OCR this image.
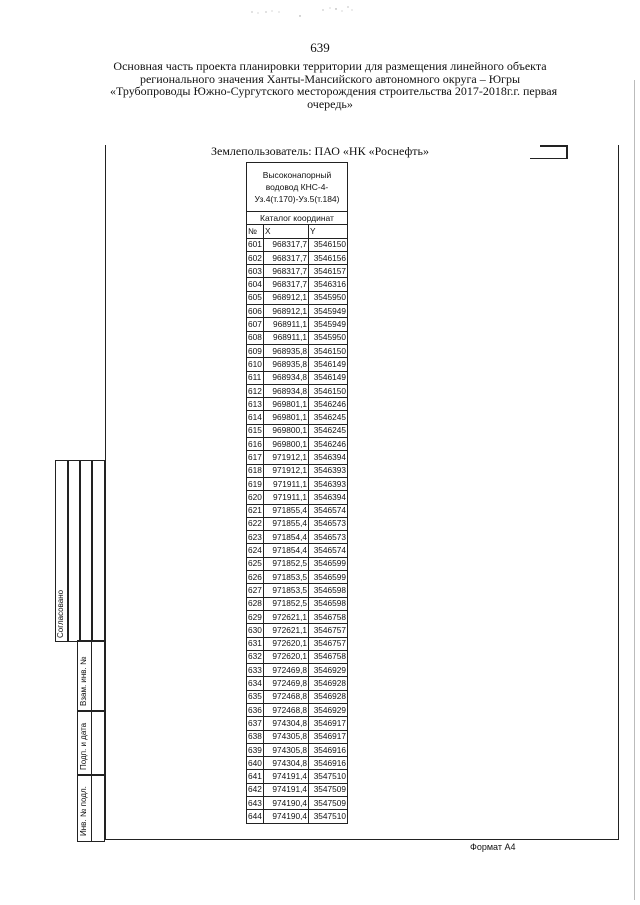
639
Основная часть проекта планировки территории для размещения линейного объекта
регионального значения Ханты-Мансийского автономного округа – Югры
«Трубопроводы Южно-Сургутского месторождения строительства 2017-2018г.г. первая
очередь»
Землепользователь: ПАО «НК «Роснефть»
Высоконапорный водовод КНС-4-Уз.4(т.170)-Уз.5(т.184)		
Каталог координат		
№	X	Y
601	968317,7	3546150
602	968317,7	3546156
603	968317,7	3546157
604	968317,7	3546316
605	968912,1	3545950
606	968912,1	3545949
607	968911,1	3545949
608	968911,1	3545950
609	968935,8	3546150
610	968935,8	3546149
611	968934,8	3546149
612	968934,8	3546150
613	969801,1	3546246
614	969801,1	3546245
615	969800,1	3546245
616	969800,1	3546246
617	971912,1	3546394
618	971912,1	3546393
619	971911,1	3546393
620	971911,1	3546394
621	971855,4	3546574
622	971855,4	3546573
623	971854,4	3546573
624	971854,4	3546574
625	971852,5	3546599
626	971853,5	3546599
627	971853,5	3546598
628	971852,5	3546598
629	972621,1	3546758
630	972621,1	3546757
631	972620,1	3546757
632	972620,1	3546758
633	972469,8	3546929
634	972469,8	3546928
635	972468,8	3546928
636	972468,8	3546929
637	974304,8	3546917
638	974305,8	3546917
639	974305,8	3546916
640	974304,8	3546916
641	974191,4	3547510
642	974191,4	3547509
643	974190,4	3547509
644	974190,4	3547510
Согласовано
Взам. инв. №
Подп. и дата
Инв. № подл.
Формат А4
